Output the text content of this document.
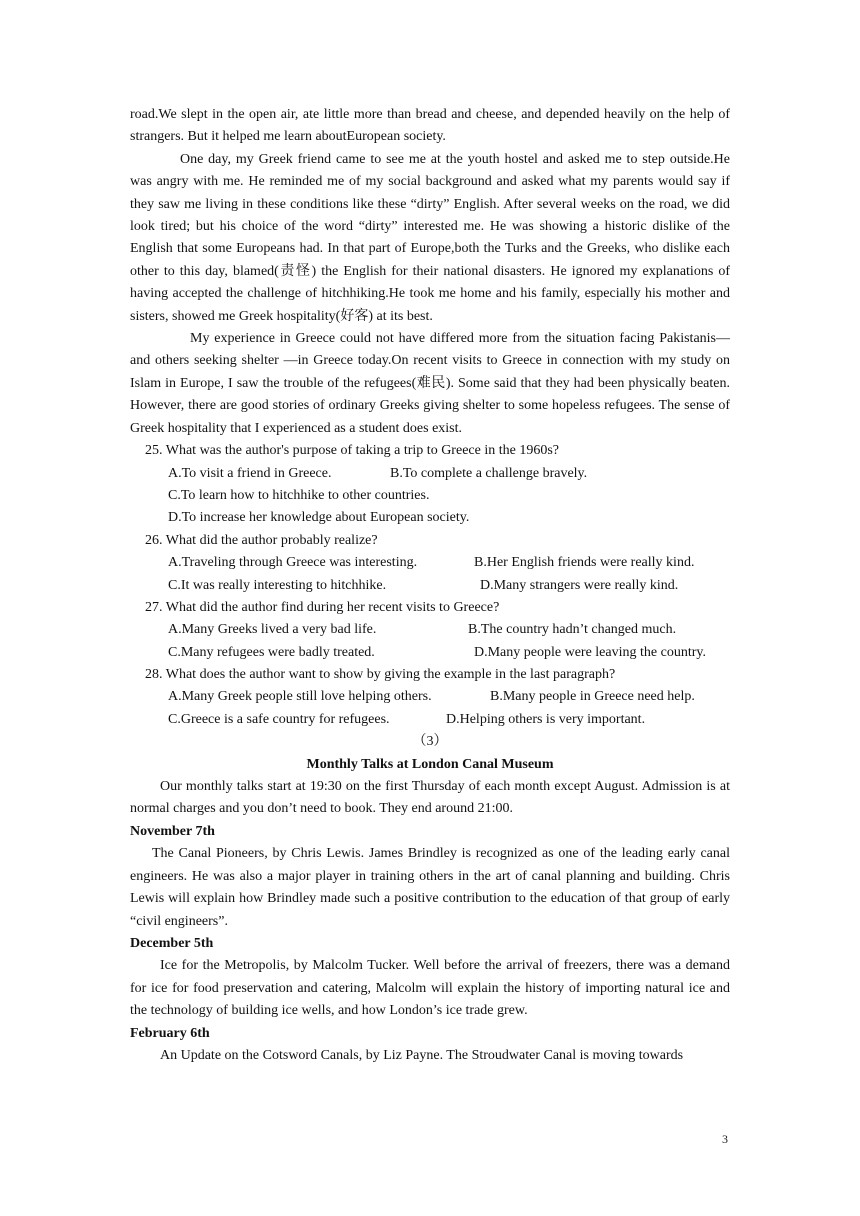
road.We slept in the open air, ate little more than bread and cheese, and depended heavily on the help of strangers. But it helped me learn aboutEuropean society.

One day, my Greek friend came to see me at the youth hostel and asked me to step outside.He was angry with me. He reminded me of my social background and asked what my parents would say if they saw me living in these conditions like these “dirty” English. After several weeks on the road, we did look tired; but his choice of the word “dirty” interested me. He was showing a historic dislike of the English that some Europeans had. In that part of Europe,both the Turks and the Greeks, who dislike each other to this day, blamed(责怪) the English for their national disasters. He ignored my explanations of having accepted the challenge of hitchhiking.He took me home and his family, especially his mother and sisters, showed me Greek hospitality(好客) at its best.

My experience in Greece could not have differed more from the situation facing Pakistanis—and others seeking shelter —in Greece today.On recent visits to Greece in connection with my study on Islam in Europe, I saw the trouble of the refugees(难民). Some said that they had been physically beaten. However, there are good stories of ordinary Greeks giving shelter to some hopeless refugees. The sense of Greek hospitality that I experienced as a student does exist.

25. What was the author's purpose of taking a trip to Greece in the 1960s?

A.To visit a friend in Greece.	B.To complete a challenge bravely.

C.To learn how to hitchhike to other countries.

D.To increase her knowledge about European society.

26. What did the author probably realize?

A.Traveling through Greece was interesting.	B.Her English friends were really kind.
C.It was really interesting to hitchhike.	D.Many strangers were really kind.

27. What did the author find during her recent visits to Greece?

A.Many Greeks lived a very bad life.	B.The country hadn’t changed much.
C.Many refugees were badly treated.	D.Many people were leaving the country.

28. What does the author want to show by giving the example in the last paragraph?

A.Many Greek people still love helping others.	B.Many people in Greece need help.
C.Greece is a safe country for refugees.	D.Helping others is very important.

（3）

Monthly Talks at London Canal Museum

Our monthly talks start at 19:30 on the first Thursday of each month except August. Admission is at normal charges and you don’t need to book. They end around 21:00.

November 7th

The Canal Pioneers, by Chris Lewis. James Brindley is recognized as one of the leading early canal engineers. He was also a major player in training others in the art of canal planning and building. Chris Lewis will explain how Brindley made such a positive contribution to the education of that group of early “civil engineers”.

December 5th

Ice for the Metropolis, by Malcolm Tucker. Well before the arrival of freezers, there was a demand for ice for food preservation and catering, Malcolm will explain the history of importing natural ice and the technology of building ice wells, and how London’s ice trade grew.

February 6th

An Update on the Cotsword Canals, by Liz Payne. The Stroudwater Canal is moving towards

3
